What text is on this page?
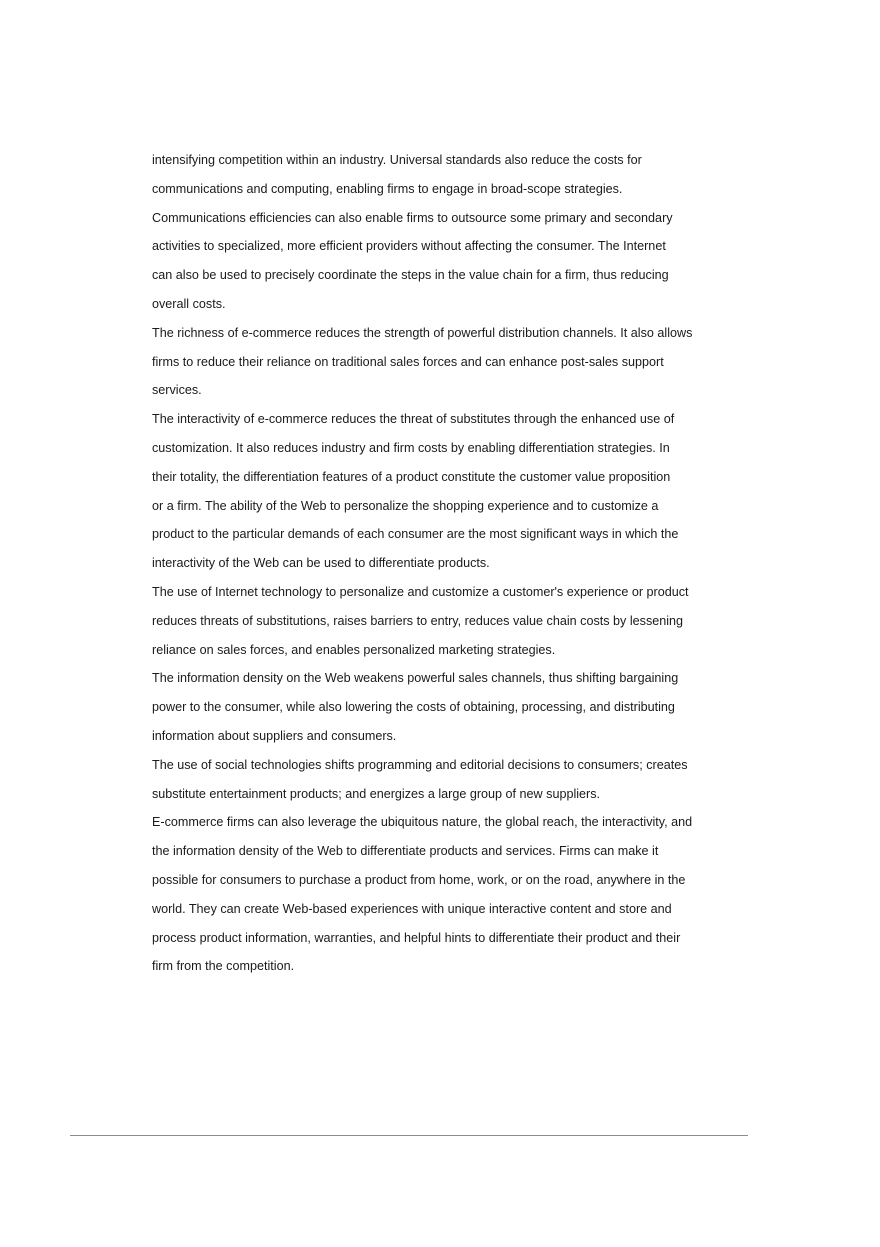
intensifying competition within an industry. Universal standards also reduce the costs for
communications and computing, enabling firms to engage in broad-scope strategies.
Communications efficiencies can also enable firms to outsource some primary and secondary
activities to specialized, more efficient providers without affecting the consumer. The Internet
can also be used to precisely coordinate the steps in the value chain for a firm, thus reducing
overall costs.
The richness of e-commerce reduces the strength of powerful distribution channels. It also allows
firms to reduce their reliance on traditional sales forces and can enhance post-sales support
services.
The interactivity of e-commerce reduces the threat of substitutes through the enhanced use of
customization. It also reduces industry and firm costs by enabling differentiation strategies. In
their totality, the differentiation features of a product constitute the customer value proposition
or a firm. The ability of the Web to personalize the shopping experience and to customize a
product to the particular demands of each consumer are the most significant ways in which the
interactivity of the Web can be used to differentiate products.
The use of Internet technology to personalize and customize a customer's experience or product
reduces threats of substitutions, raises barriers to entry, reduces value chain costs by lessening
reliance on sales forces, and enables personalized marketing strategies.
The information density on the Web weakens powerful sales channels, thus shifting bargaining
power to the consumer, while also lowering the costs of obtaining, processing, and distributing
information about suppliers and consumers.
The use of social technologies shifts programming and editorial decisions to consumers; creates
substitute entertainment products; and energizes a large group of new suppliers.
E-commerce firms can also leverage the ubiquitous nature, the global reach, the interactivity, and
the information density of the Web to differentiate products and services. Firms can make it
possible for consumers to purchase a product from home, work, or on the road, anywhere in the
world. They can create Web-based experiences with unique interactive content and store and
process product information, warranties, and helpful hints to differentiate their product and their
firm from the competition.
